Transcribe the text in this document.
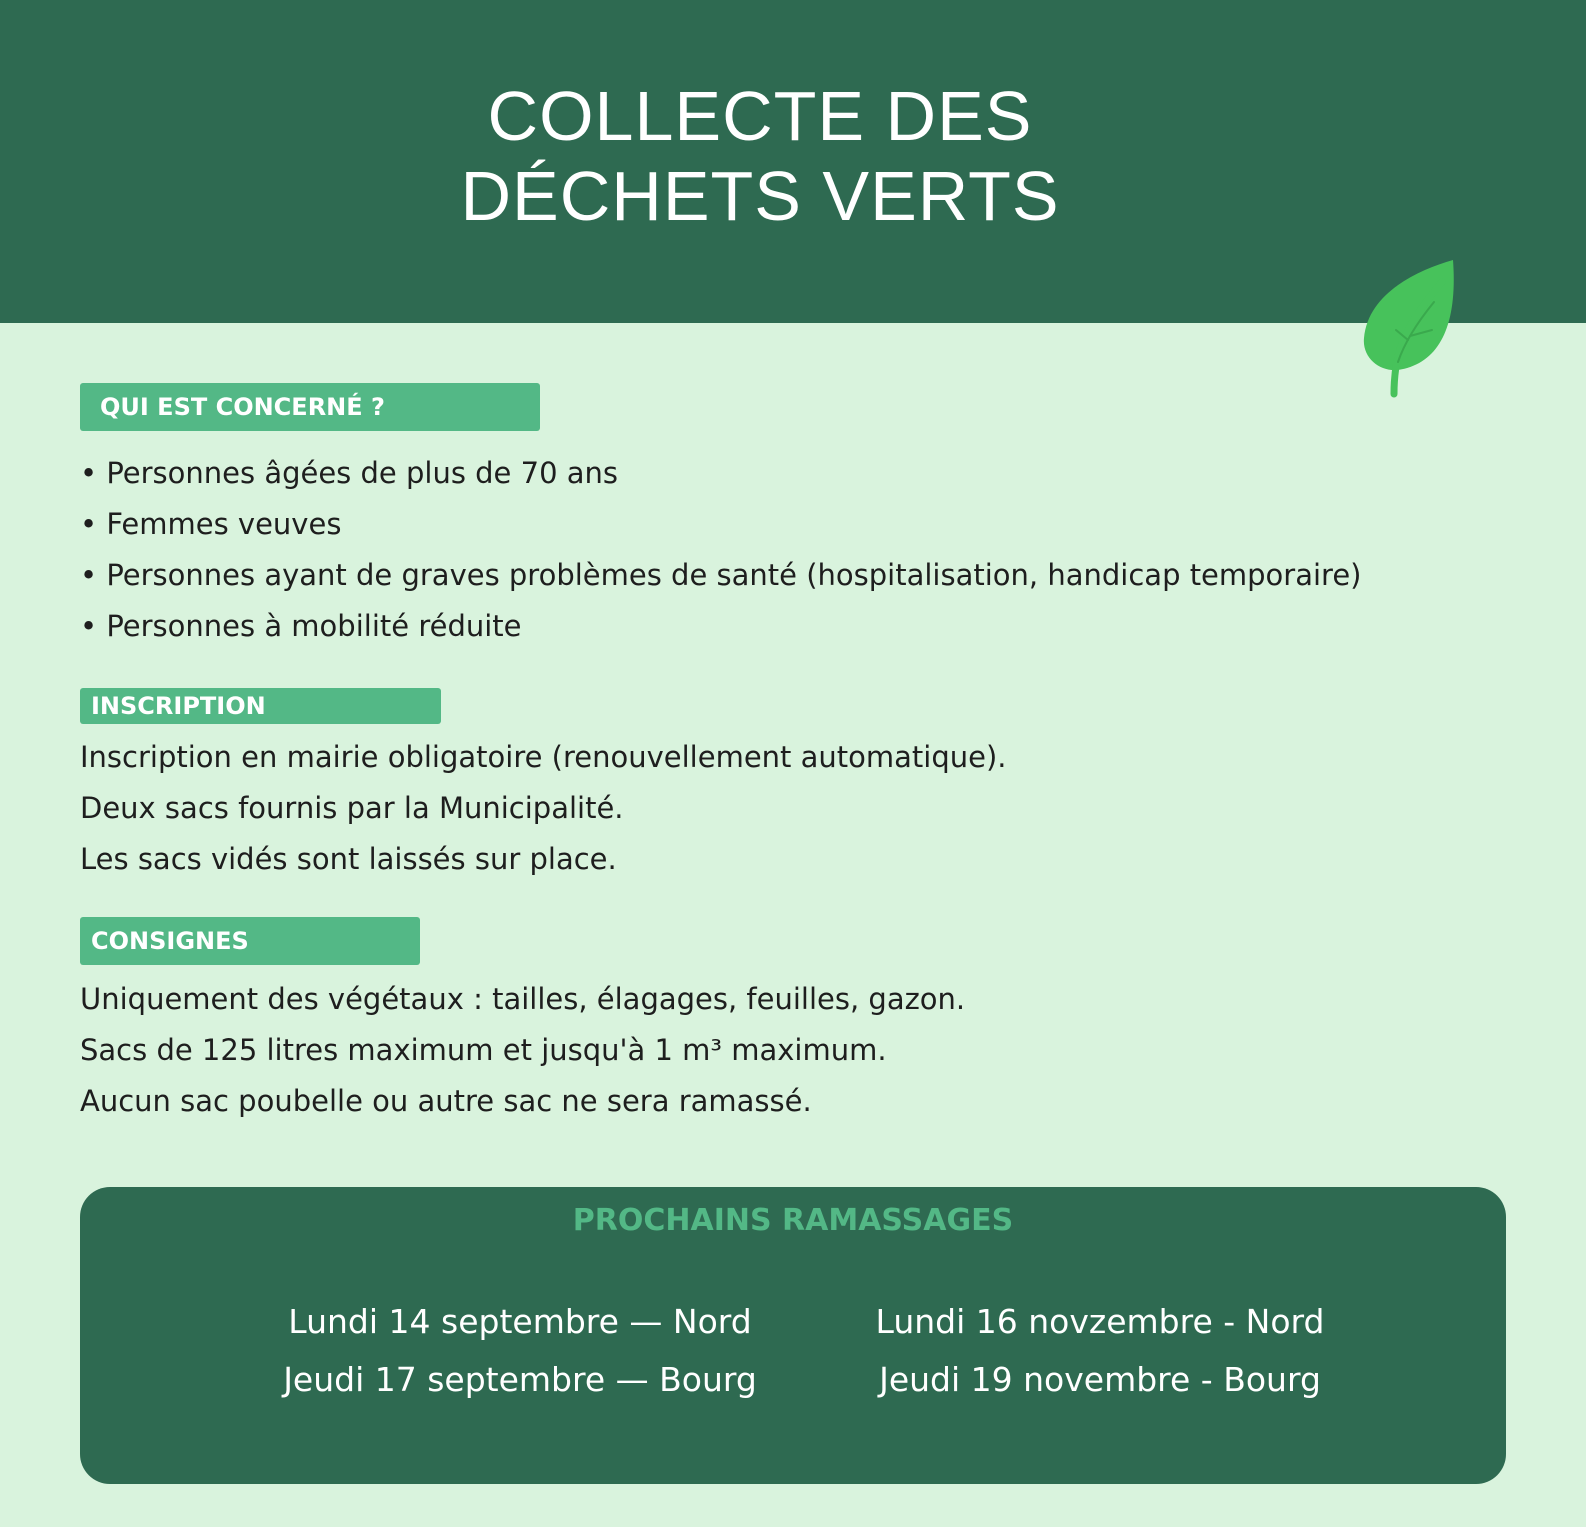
COLLECTE DES
DÉCHETS VERTS
QUI EST CONCERNÉ ?
• Personnes âgées de plus de 70 ans
• Femmes veuves
• Personnes ayant de graves problèmes de santé (hospitalisation, handicap temporaire)
• Personnes à mobilité réduite
INSCRIPTION
Inscription en mairie obligatoire (renouvellement automatique).
Deux sacs fournis par la Municipalité.
Les sacs vidés sont laissés sur place.
CONSIGNES
Uniquement des végétaux : tailles, élagages, feuilles, gazon.
Sacs de 125 litres maximum et jusqu'à 1 m³ maximum.
Aucun sac poubelle ou autre sac ne sera ramassé.
PROCHAINS RAMASSAGES
Lundi 14 septembre — Nord
Jeudi 17 septembre — Bourg
Lundi 16 novzembre - Nord
Jeudi 19 novembre - Bourg
